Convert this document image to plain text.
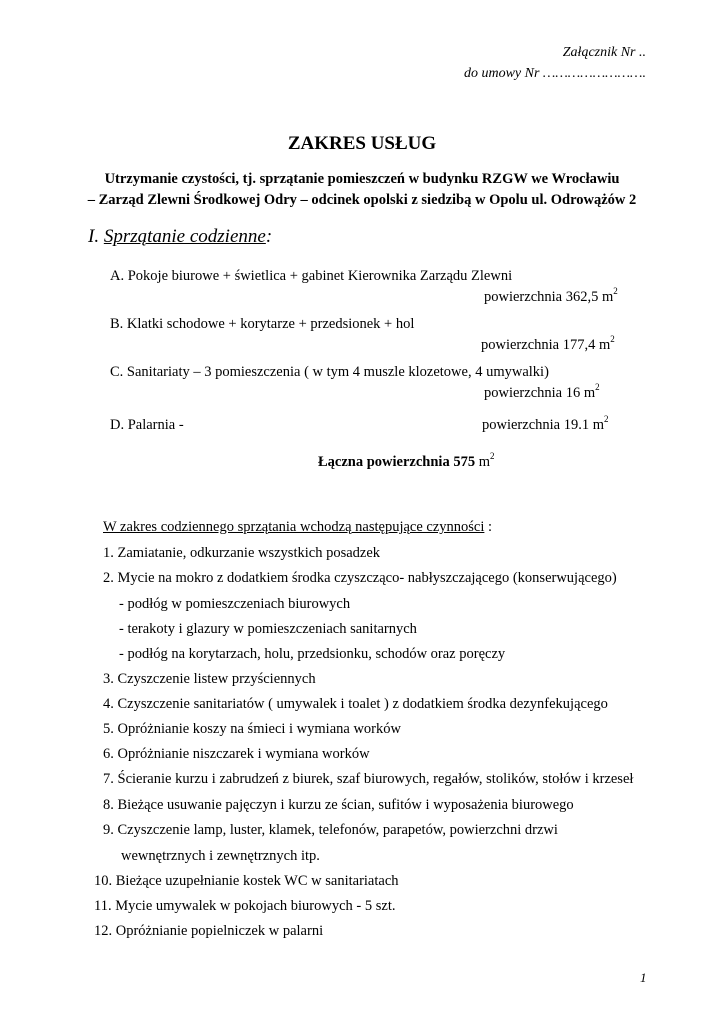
Załącznik Nr ..
do umowy Nr …………………….
ZAKRES USŁUG
Utrzymanie czystości, tj. sprzątanie pomieszczeń w budynku RZGW we Wrocławiu
– Zarząd Zlewni Środkowej Odry – odcinek opolski z siedzibą w Opolu ul. Odrowążów 2
I. Sprzątanie codzienne:
A. Pokoje biurowe + świetlica + gabinet Kierownika Zarządu Zlewni
powierzchnia 362,5 $m^2$
B. Klatki schodowe + korytarze + przedsionek + hol
powierzchnia 177,4 $m^2$
C. Sanitariaty – 3 pomieszczenia ( w tym 4 muszle klozetowe, 4 umywalki)
powierzchnia 16 $m^2$
D. Palarnia -	powierzchnia 19.1 $m^2$
Łączna powierzchnia 575 $m^2$
W zakres codziennego sprzątania wchodzą następujące czynności :
1. Zamiatanie, odkurzanie wszystkich posadzek
2. Mycie na mokro z dodatkiem środka czyszcząco- nabłyszczającego (konserwującego)
- podłóg w pomieszczeniach biurowych
- terakoty i glazury w pomieszczeniach sanitarnych
- podłóg na korytarzach, holu, przedsionku, schodów oraz poręczy
3. Czyszczenie listew przyściennych
4. Czyszczenie sanitariatów ( umywalek i toalet ) z dodatkiem środka dezynfekującego
5. Opróżnianie koszy na śmieci i wymiana worków
6. Opróżnianie niszczarek i wymiana worków
7. Ścieranie kurzu i zabrudzeń z biurek, szaf biurowych, regałów, stolików, stołów i krzeseł
8. Bieżące usuwanie pajęczyn i kurzu ze ścian, sufitów i wyposażenia biurowego
9. Czyszczenie lamp, luster, klamek, telefonów, parapetów, powierzchni drzwi
wewnętrznych i zewnętrznych itp.
10. Bieżące uzupełnianie kostek WC w sanitariatach
11. Mycie umywalek w pokojach biurowych - 5 szt.
12. Opróżnianie popielniczek w palarni
1
